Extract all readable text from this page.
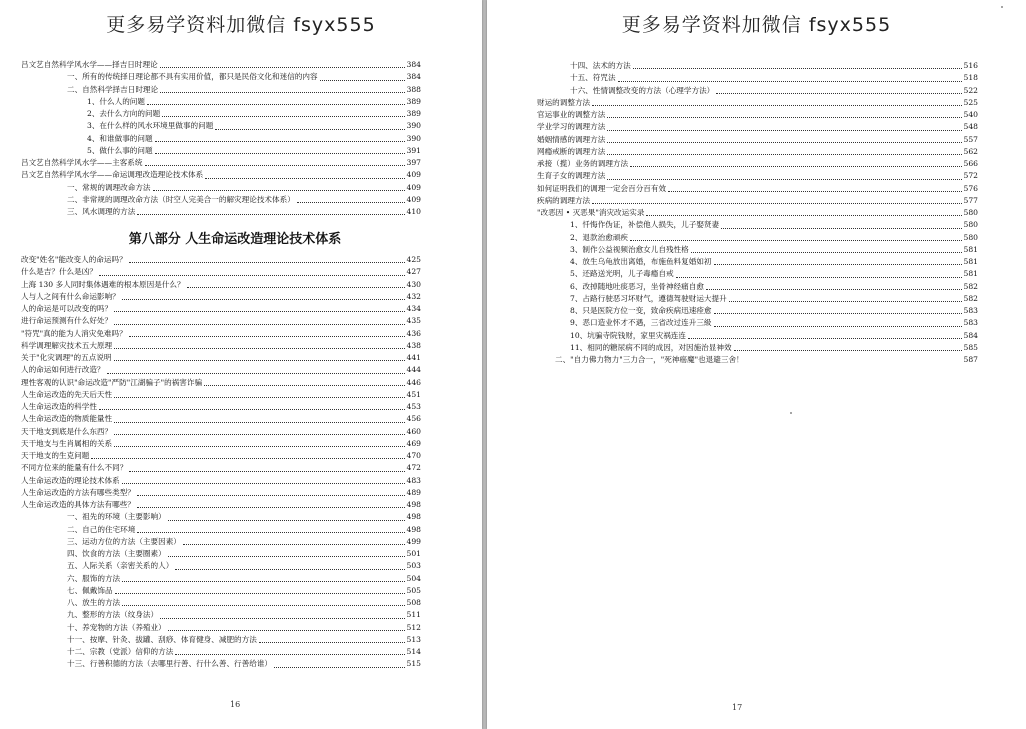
更多易学资料加微信 fsyx555
吕文艺自然科学风水学——择吉日时理论	384
一、所有的传统择日理论都不具有实用价值，都只是民俗文化和迷信的内容	384
二、自然科学择吉日时理论	388
1、什么人的问题	389
2、去什么方向的问题	389
3、在什么样的风水环境里做事的问题	390
4、和谁做事的问题	390
5、做什么事的问题	391
吕文艺自然科学风水学——主客系统	397
吕文艺自然科学风水学——命运调理改造理论技术体系	409
一、常规的调理改命方法	409
二、非常规的调理改命方法（时空人完美合一的解灾理论技术体系）	409
三、风水调理的方法	410
第八部分 人生命运改造理论技术体系
改变"姓名"能改变人的命运吗？	425
什么是吉？什么是凶？	427
上海 130 多人同时集体遇难的根本原因是什么？	430
人与人之间有什么命运影响？	432
人的命运是可以改变的吗？	434
进行命运预测有什么好处？	435
"符咒"真的能为人消灾免难吗？	436
科学调理解灾技术五大原理	438
关于"化灾调理"的五点说明	441
人的命运如何进行改造？	444
理性客观的认识"命运改造"严防"江湖骗子"的祸害诈骗	446
人生命运改造的先天后天性	451
人生命运改造的科学性	453
人生命运改造的物质能量性	456
天干地支到底是什么东西？	460
天干地支与生肖属相的关系	469
天干地支的生克问题	470
不同方位来的能量有什么不同？	472
人生命运改造的理论技术体系	483
人生命运改造的方法有哪些类型？	489
人生命运改造的具体方法有哪些？	498
一、祖先的环境（主要影响）	498
二、自己的住宅环境	498
三、运动方位的方法（主要因素）	499
四、饮食的方法（主要圈素）	501
五、人际关系（亲密关系的人）	503
六、服饰的方法	504
七、佩戴饰品	505
八、放生的方法	508
九、整形的方法（纹身法）	511
十、养宠物的方法（养殖业）	512
十一、按摩、针灸、拔罐、刮痧、体育健身、减肥的方法	513
十二、宗教（党派）信仰的方法	514
十三、行善积德的方法（去哪里行善、行什么善、行善给谁）	515
16
更多易学资料加微信 fsyx555
十四、法术的方法	516
十五、符咒法	518
十六、性情调整改变的方法（心理学方法）	522
财运的调整方法	525
官运事业的调整方法	540
学业学习的调理方法	548
婚姻情感的调理方法	557
网瘾戒断的调理方法	562
承接（揽）业务的调理方法	566
生育子女的调理方法	572
如何证明我们的调理一定会百分百有效	576
疾病的调理方法	577
"改恶因 • 灭恶果"消灾改运实录	580
1、忏悔作伪证，补偿他人损失，儿子娶贤妻	580
2、退款治愈頑疾	580
3、制作公益视频治愈女儿自残性格	581
4、放生乌龟放出离婚，布施鱼料复婚如初	581
5、还路送光明，儿子毒瘾自戒	581
6、改掉随地吐痰恶习，坐骨神经痛自愈	582
7、占路行驶恶习坏财气，遵德驾驶财运大提升	582
8、只是医院方位一变，致命疾病迅速痊愈	583
9、恶口造业怀才不遇，三省改过连升三級	583
10、坑骗寺院钱财，家里灾祸连连	584
11、相同的糖尿病不同的成因，对因施治显神效	585
二、"自力佛力物力"三力合一，"死神癌魔"也退避三舍！	587
17
